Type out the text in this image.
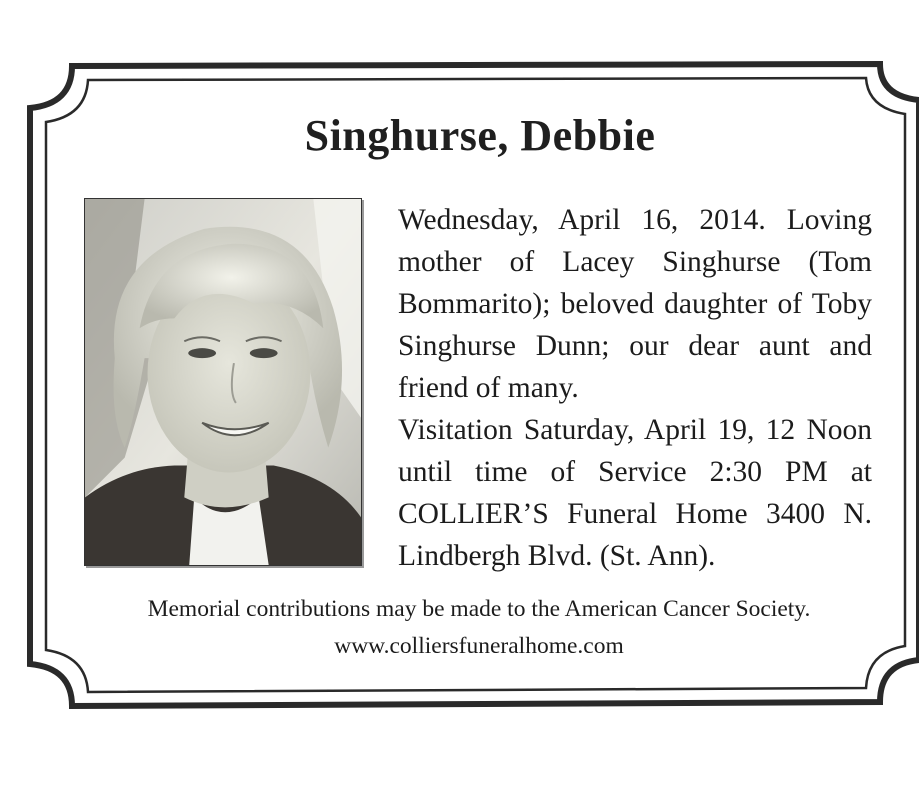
Singhurse, Debbie

Wednesday, April 16, 2014. Loving mother of Lacey Singhurse (Tom Bommarito); beloved daughter of Toby Singhurse Dunn; our dear aunt and friend of many.

Visitation Saturday, April 19, 12 Noon until time of Service 2:30 PM at COLLIER’S Funeral Home 3400 N. Lindbergh Blvd. (St. Ann).

Memorial contributions may be made to the American Cancer Society.

www.colliersfuneralhome.com
